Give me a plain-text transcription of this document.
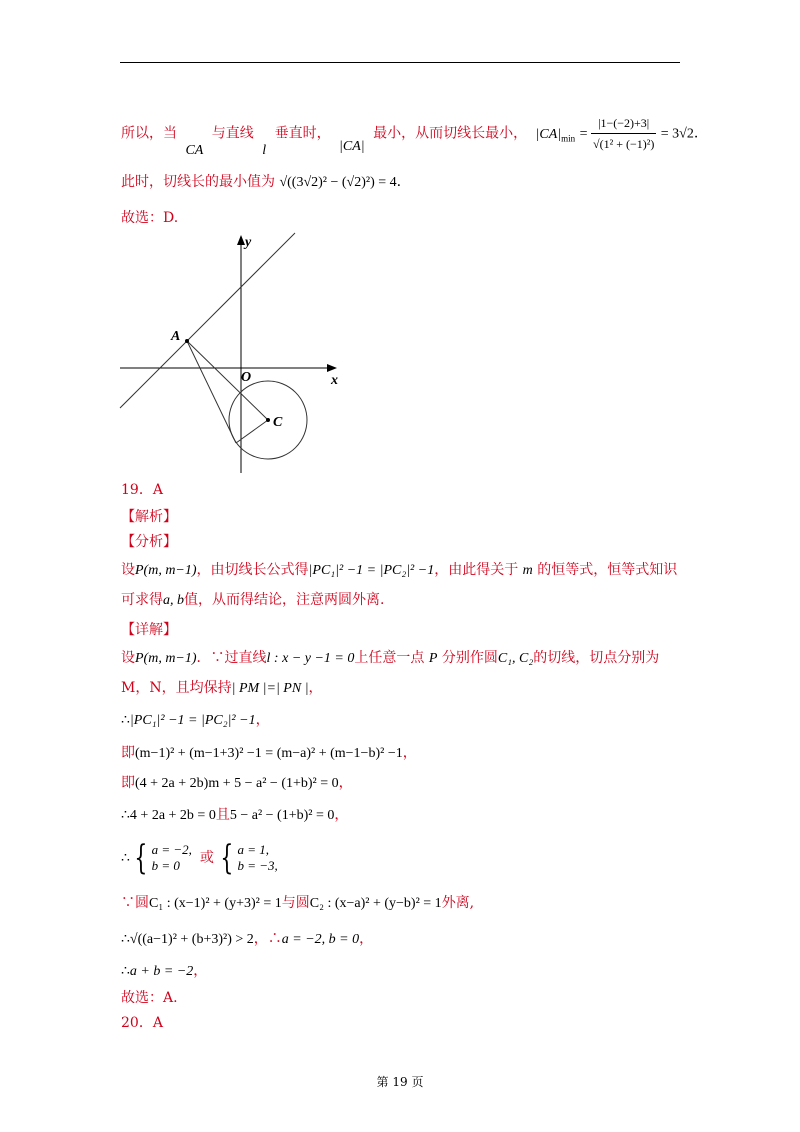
所以，当 CA 与直线 l 垂直时， |CA| 最小，从而切线长最小， $|CA|_{min} = \frac{|1-(-2)+3|}{\text{√(1² + (−1)²)}} = 3√2$.
此时，切线长的最小值为 √((3√2)² − (√2)²) = 4.
故选：D.
y
x
O
A
C
19．A
【解析】
【分析】
设P(m, m−1)，由切线长公式得|PC₁|² −1 = |PC₂|² −1，由此得关于 m 的恒等式，恒等式知识
可求得a, b值，从而得结论，注意两圆外离.
【详解】
设P(m, m−1)．∵过直线l : x − y −1 = 0上任意一点 P 分别作圆C₁, C₂的切线，切点分别为
M，N，且均保持| PM |=| PN |，
∴|PC₁|² −1 = |PC₂|² −1，
即(m−1)² + (m−1+3)² −1 = (m−a)² + (m−1−b)² −1，
即(4 + 2a + 2b)m + 5 − a² − (1+b)² = 0，
∴4 + 2a + 2b = 0且5 − a² − (1+b)² = 0，
∴ { a = −2,
b = 0	或 { a = 1,
b = −3,
∵圆C₁ : (x−1)² + (y+3)² = 1与圆C₂ : (x−a)² + (y−b)² = 1外离,
∴√((a−1)² + (b+3)²) > 2，∴a = −2, b = 0，
∴a + b = −2，
故选：A.
20．A
第 19 页
